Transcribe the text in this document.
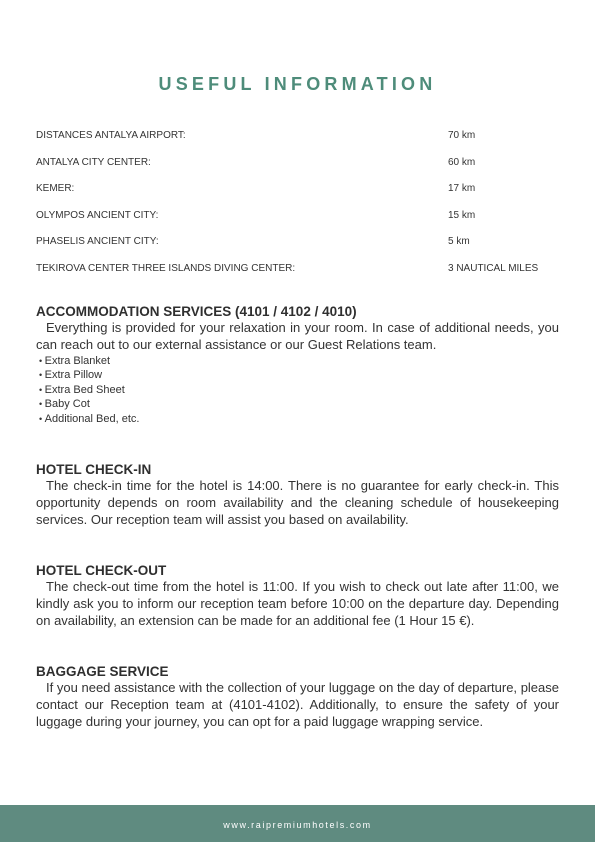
USEFUL INFORMATION
DISTANCES ANTALYA AIRPORT:	70 km
ANTALYA CITY CENTER:	60 km
KEMER:	17 km
OLYMPOS ANCIENT CITY:	15 km
PHASELIS ANCIENT CITY:	5 km
TEKIROVA CENTER THREE ISLANDS DIVING CENTER:	3 NAUTICAL MILES
ACCOMMODATION SERVICES (4101 / 4102 / 4010)
Everything is provided for your relaxation in your room. In case of additional needs, you can reach out to our external assistance or our Guest Relations team.
• Extra Blanket
• Extra Pillow
• Extra Bed Sheet
• Baby Cot
• Additional Bed, etc.
HOTEL CHECK-IN
The check-in time for the hotel is 14:00. There is no guarantee for early check-in. This opportunity depends on room availability and the cleaning schedule of housekeeping services. Our reception team will assist you based on availability.
HOTEL CHECK-OUT
The check-out time from the hotel is 11:00. If you wish to check out late after 11:00, we kindly ask you to inform our reception team before 10:00 on the departure day. Depending on availability, an extension can be made for an additional fee (1 Hour 15 €).
BAGGAGE SERVICE
If you need assistance with the collection of your luggage on the day of departure, please contact our Reception team at (4101-4102). Additionally, to ensure the safety of your luggage during your journey, you can opt for a paid luggage wrapping service.
www.raipremiumhotels.com
